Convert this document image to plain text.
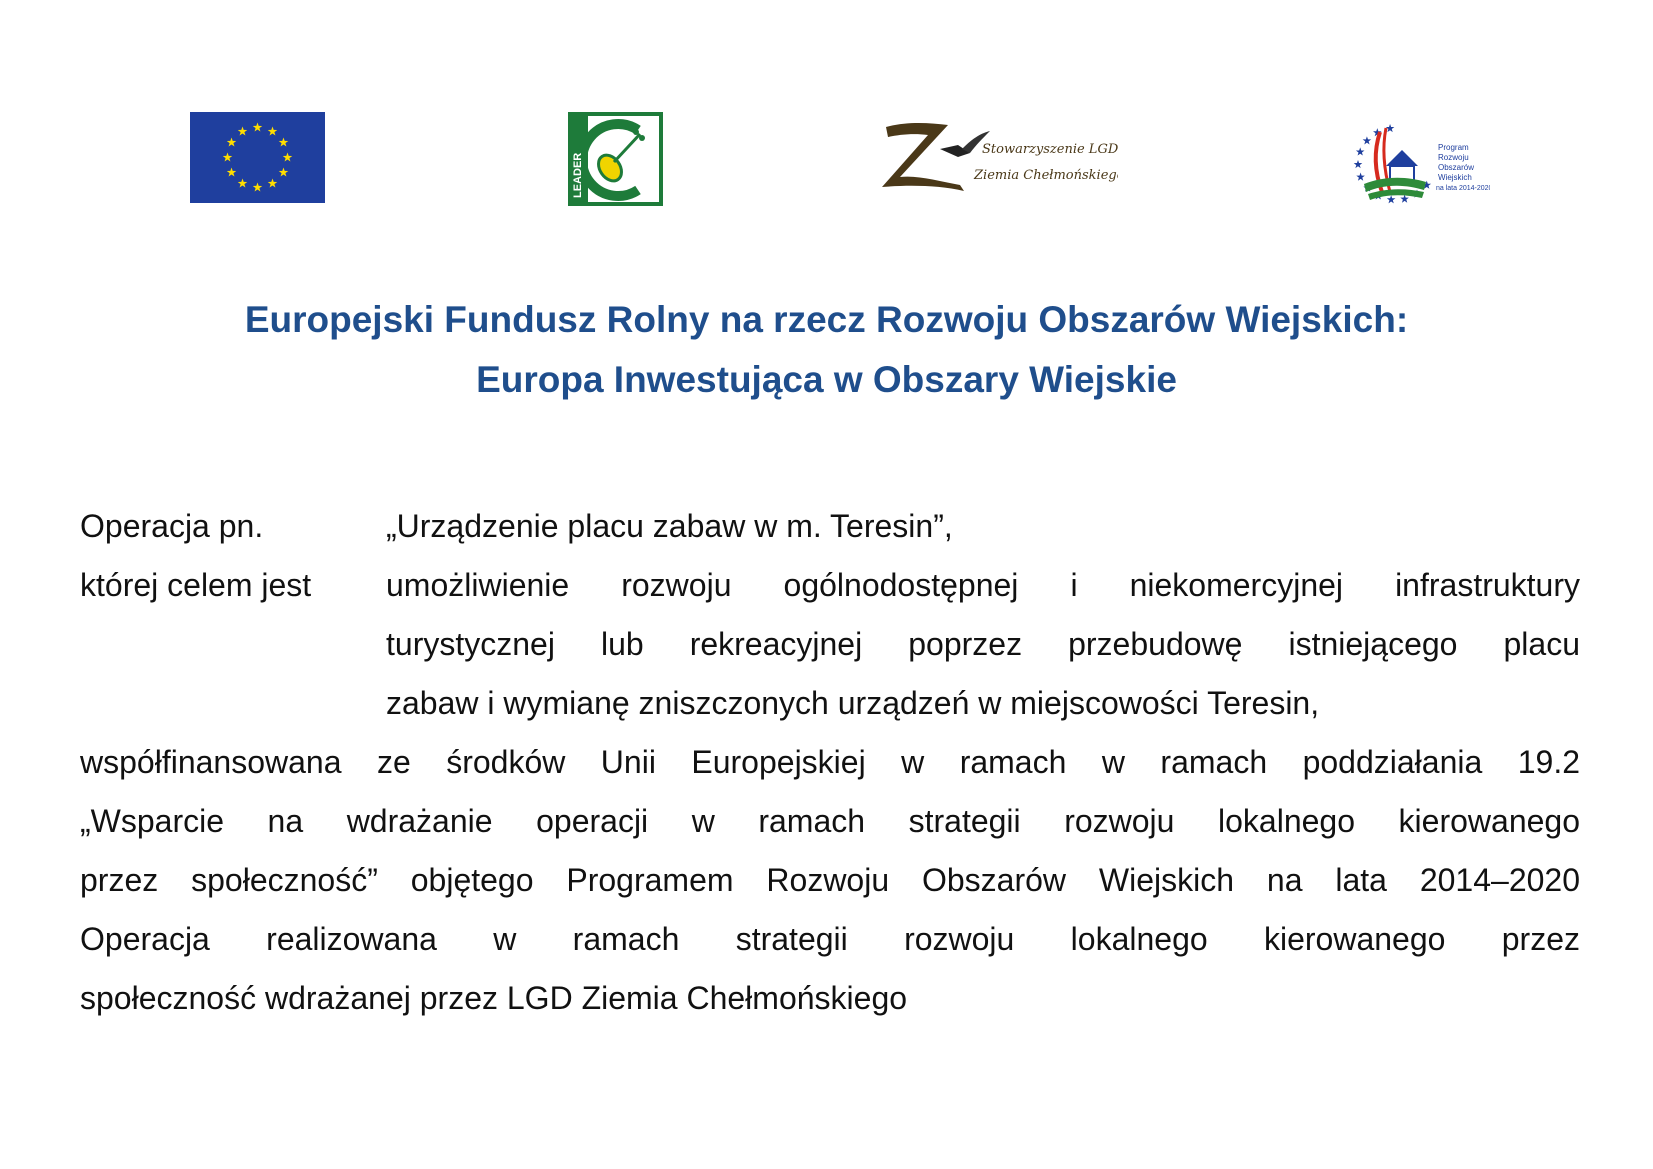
LEADER
Stowarzyszenie LGD
Ziemia Chełmońskiego
Program
Rozwoju
Obszarów
Wiejskich
na lata 2014-2020
Europejski Fundusz Rolny na rzecz Rozwoju Obszarów Wiejskich:
Europa Inwestująca w Obszary Wiejskie
Operacja pn.	„Urządzenie placu zabaw w m. Teresin”,
której celem jest	umożliwienie rozwoju ogólnodostępnej i niekomercyjnej infrastruktury
turystycznej lub rekreacyjnej poprzez przebudowę istniejącego placu
zabaw i wymianę zniszczonych urządzeń w miejscowości Teresin,
współfinansowana ze środków Unii Europejskiej w ramach w ramach poddziałania 19.2
„Wsparcie na wdrażanie operacji w ramach strategii rozwoju lokalnego kierowanego
przez społeczność” objętego Programem Rozwoju Obszarów Wiejskich na lata 2014–2020
Operacja realizowana w ramach strategii rozwoju lokalnego kierowanego przez
społeczność wdrażanej przez LGD Ziemia Chełmońskiego
